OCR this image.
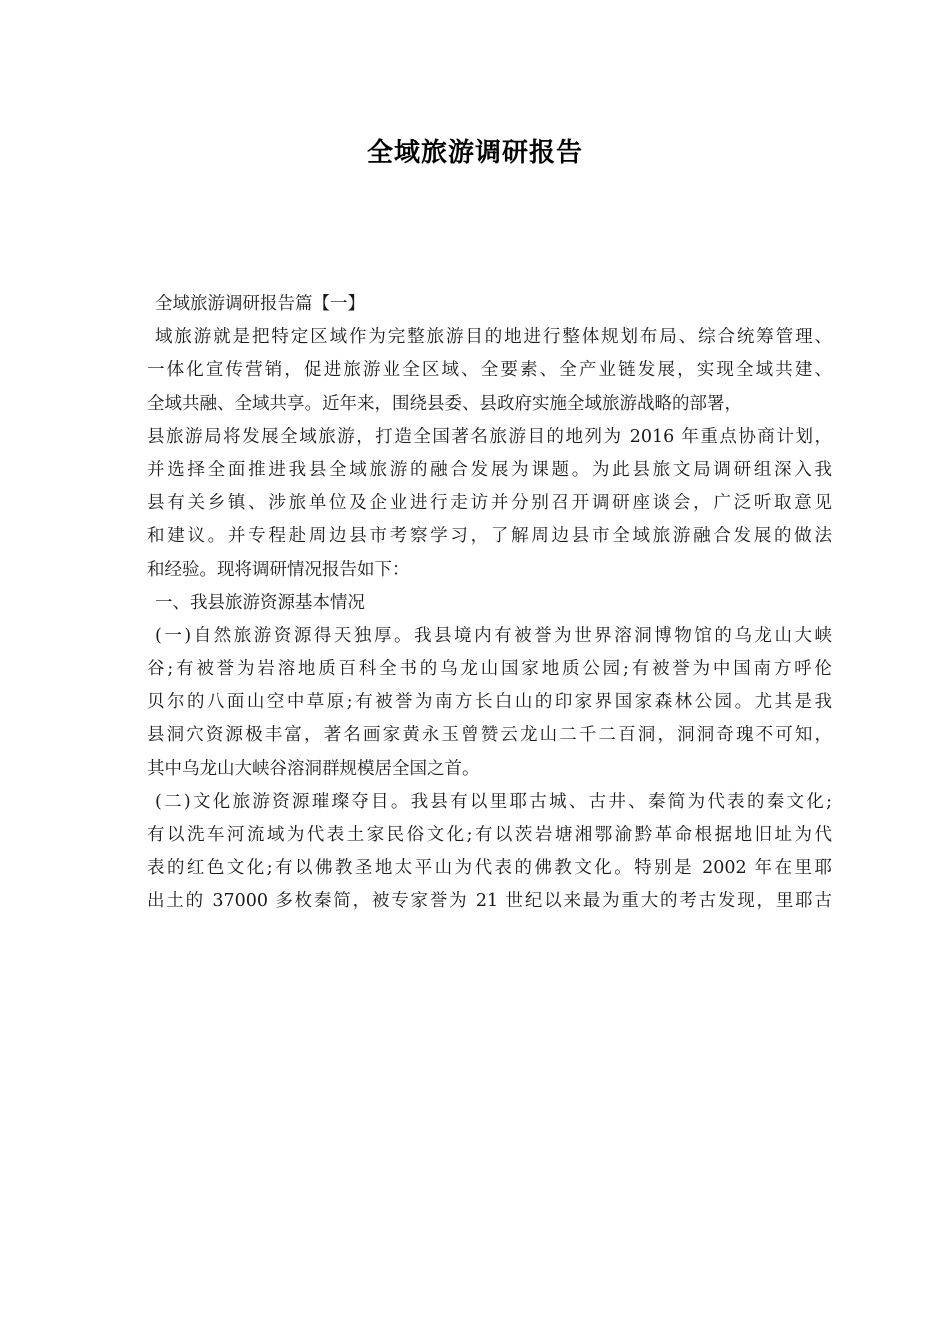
全域旅游调研报告
全域旅游调研报告篇【一】
域旅游就是把特定区域作为完整旅游目的地进行整体规划布局、综合统筹管理、
一体化宣传营销，促进旅游业全区域、全要素、全产业链发展，实现全域共建、
全域共融、全域共享。近年来，围绕县委、县政府实施全域旅游战略的部署，
县旅游局将发展全域旅游，打造全国著名旅游目的地列为 2016 年重点协商计划，
并选择全面推进我县全域旅游的融合发展为课题。为此县旅文局调研组深入我
县有关乡镇、涉旅单位及企业进行走访并分别召开调研座谈会，广泛听取意见
和建议。并专程赴周边县市考察学习，了解周边县市全域旅游融合发展的做法
和经验。现将调研情况报告如下：
一、我县旅游资源基本情况
(一)自然旅游资源得天独厚。我县境内有被誉为世界溶洞博物馆的乌龙山大峡
谷;有被誉为岩溶地质百科全书的乌龙山国家地质公园;有被誉为中国南方呼伦
贝尔的八面山空中草原;有被誉为南方长白山的印家界国家森林公园。尤其是我
县洞穴资源极丰富，著名画家黄永玉曾赞云龙山二千二百洞，洞洞奇瑰不可知，
其中乌龙山大峡谷溶洞群规模居全国之首。
(二)文化旅游资源璀璨夺目。我县有以里耶古城、古井、秦简为代表的秦文化;
有以洗车河流域为代表土家民俗文化;有以茨岩塘湘鄂渝黔革命根据地旧址为代
表的红色文化;有以佛教圣地太平山为代表的佛教文化。特别是 2002 年在里耶
出土的 37000 多枚秦简，被专家誉为 21 世纪以来最为重大的考古发现，里耶古
